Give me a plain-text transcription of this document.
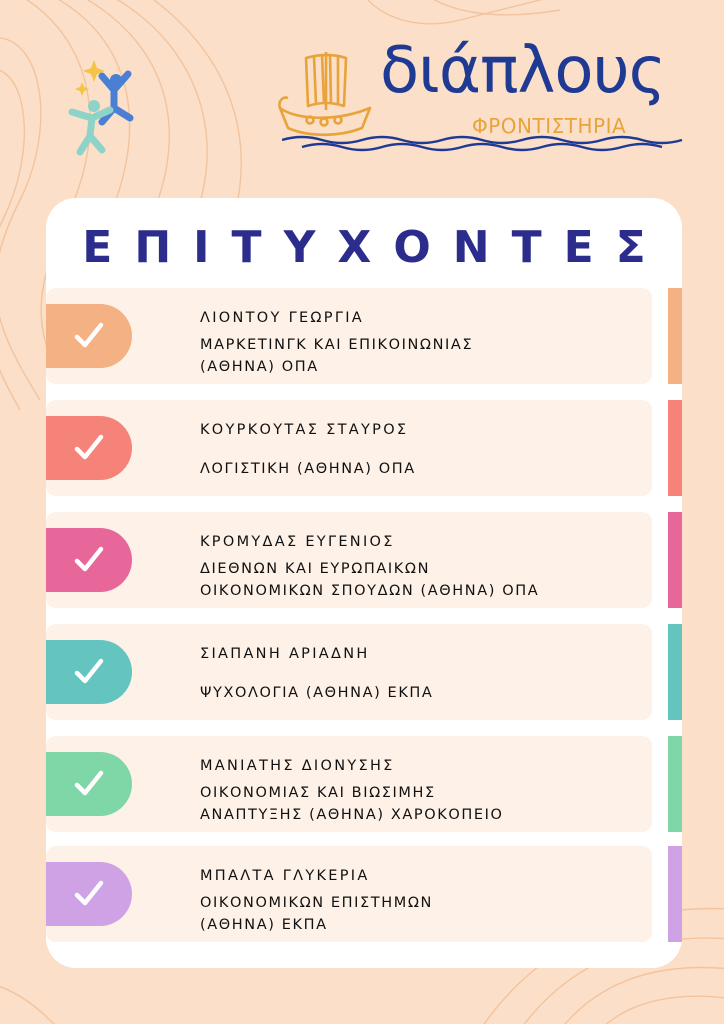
διάπλους
ΦΡΟΝΤΙΣΤΗΡΙΑ
ΕΠΙΤΥΧΟΝΤΕΣ
ΛΙΟΝΤΟΥ ΓΕΩΡΓΙΑ
ΜΑΡΚΕΤΙΝΓΚ ΚΑΙ ΕΠΙΚΟΙΝΩΝΙΑΣ
(ΑΘΗΝΑ) ΟΠΑ
ΚΟΥΡΚΟΥΤΑΣ ΣΤΑΥΡΟΣ
ΛΟΓΙΣΤΙΚΗ (ΑΘΗΝΑ) ΟΠΑ
ΚΡΟΜΥΔΑΣ ΕΥΓΕΝΙΟΣ
ΔΙΕΘΝΩΝ ΚΑΙ ΕΥΡΩΠΑΙΚΩΝ
ΟΙΚΟΝΟΜΙΚΩΝ ΣΠΟΥΔΩΝ (ΑΘΗΝΑ) ΟΠΑ
ΣΙΑΠΑΝΗ ΑΡΙΑΔΝΗ
ΨΥΧΟΛΟΓΙΑ (ΑΘΗΝΑ) ΕΚΠΑ
ΜΑΝΙΑΤΗΣ ΔΙΟΝΥΣΗΣ
ΟΙΚΟΝΟΜΙΑΣ ΚΑΙ ΒΙΩΣΙΜΗΣ
ΑΝΑΠΤΥΞΗΣ (ΑΘΗΝΑ) ΧΑΡΟΚΟΠΕΙΟ
ΜΠΑΛΤΑ ΓΛΥΚΕΡΙΑ
ΟΙΚΟΝΟΜΙΚΩΝ ΕΠΙΣΤΗΜΩΝ
(ΑΘΗΝΑ) ΕΚΠΑ
